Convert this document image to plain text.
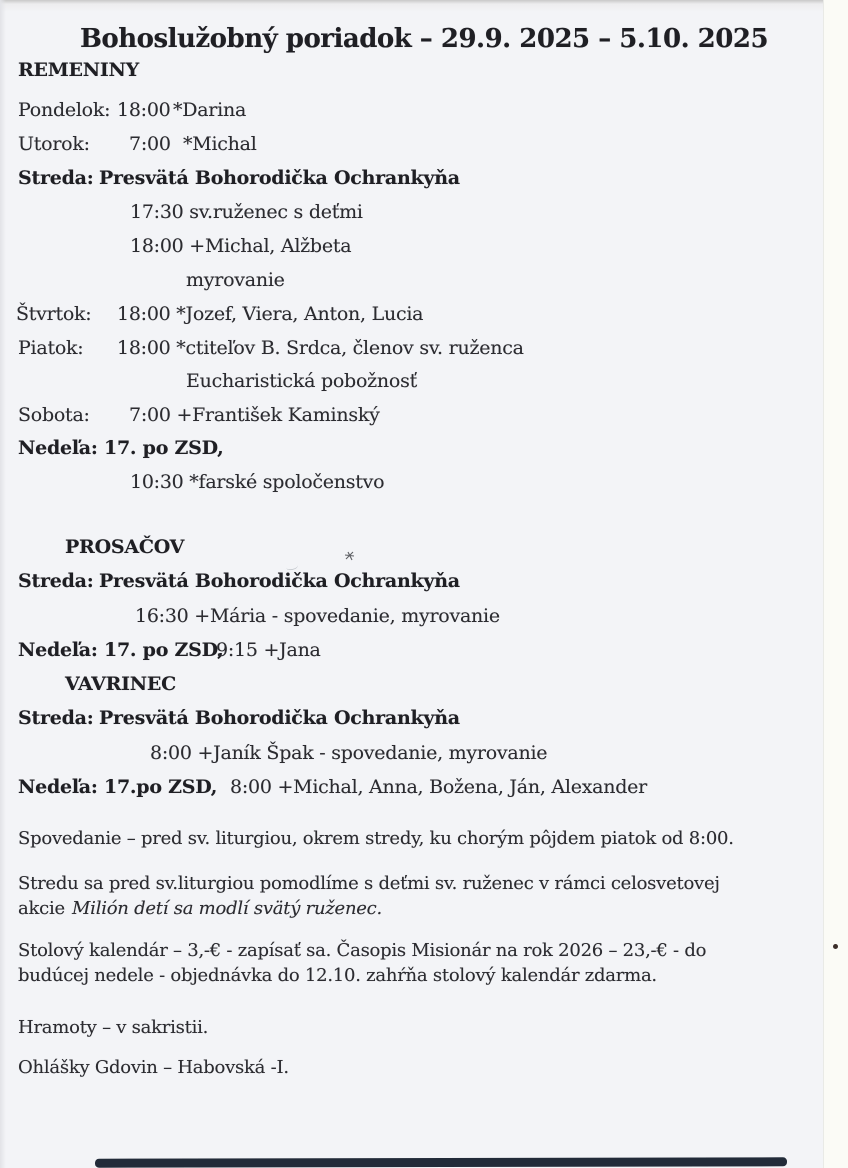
Bohoslužobný poriadok – 29.9. 2025 – 5.10. 2025
REMENINY
Pondelok: 18:00 *Darina
Utorok: 7:00 *Michal
Streda: Presvätá Bohorodička Ochrankyňa
17:30 sv.ruženec s deťmi
18:00 +Michal, Alžbeta
myrovanie
Štvrtok: 18:00 *Jozef, Viera, Anton, Lucia
Piatok: 18:00 *ctiteľov B. Srdca, členov sv. ruženca
Eucharistická pobožnosť
Sobota: 7:00 +František Kaminský
Nedeľa: 17. po ZSD,
10:30 *farské spoločenstvo
PROSAČOV
Streda: Presvätá Bohorodička Ochrankyňa
16:30 +Mária - spovedanie, myrovanie
Nedeľa: 17. po ZSD,
9:15 +Jana
VAVRINEC
Streda: Presvätá Bohorodička Ochrankyňa
8:00 +Janík Špak - spovedanie, myrovanie
Nedeľa: 17.po ZSD, 8:00 +Michal, Anna, Božena, Ján, Alexander
Spovedanie – pred sv. liturgiou, okrem stredy, ku chorým pôjdem piatok od 8:00.
Stredu sa pred sv.liturgiou pomodlíme s deťmi sv. ruženec v rámci celosvetovej
akcie Milión detí sa modlí svätý ruženec.
Stolový kalendár – 3,-€ - zapísať sa. Časopis Misionár na rok 2026 – 23,-€ - do
budúcej nedele - objednávka do 12.10. zahŕňa stolový kalendár zdarma.
Hramoty – v sakristii.
Ohlášky Gdovin – Habovská -I.
